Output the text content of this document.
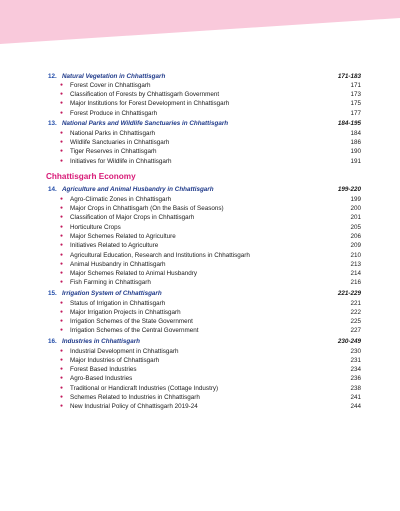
12. Natural Vegetation in Chhattisgarh	171-183
● Forest Cover in Chhattisgarh	171
● Classification of Forests by Chhattisgarh Government	173
● Major Institutions for Forest Development in Chhattisgarh	175
● Forest Produce in Chhattisgarh	177
13. National Parks and Wildlife Sanctuaries in Chhattisgarh	184-195
● National Parks in Chhattisgarh	184
● Wildlife Sanctuaries in Chhattisgarh	186
● Tiger Reserves in Chhattisgarh	190
● Initiatives for Wildlife in Chhattisgarh	191
Chhattisgarh Economy
14. Agriculture and Animal Husbandry in Chhattisgarh	199-220
● Agro-Climatic Zones in Chhattisgarh	199
● Major Crops in Chhattisgarh (On the Basis of Seasons)	200
● Classification of Major Crops in Chhattisgarh	201
● Horticulture Crops	205
● Major Schemes Related to Agriculture	206
● Initiatives Related to Agriculture	209
● Agricultural Education, Research and Institutions in Chhattisgarh	210
● Animal Husbandry in Chhattisgarh	213
● Major Schemes Related to Animal Husbandry	214
● Fish Farming in Chhattisgarh	216
15. Irrigation System of Chhattisgarh	221-229
● Status of Irrigation in Chhattisgarh	221
● Major Irrigation Projects in Chhattisgarh	222
● Irrigation Schemes of the State Government	225
● Irrigation Schemes of the Central Government	227
16. Industries in Chhattisgarh	230-249
● Industrial Development in Chhattisgarh	230
● Major Industries of Chhattisgarh	231
● Forest Based Industries	234
● Agro-Based Industries	236
● Traditional or Handicraft Industries (Cottage Industry)	238
● Schemes Related to Industries in Chhattisgarh	241
● New Industrial Policy of Chhattisgarh 2019-24	244
